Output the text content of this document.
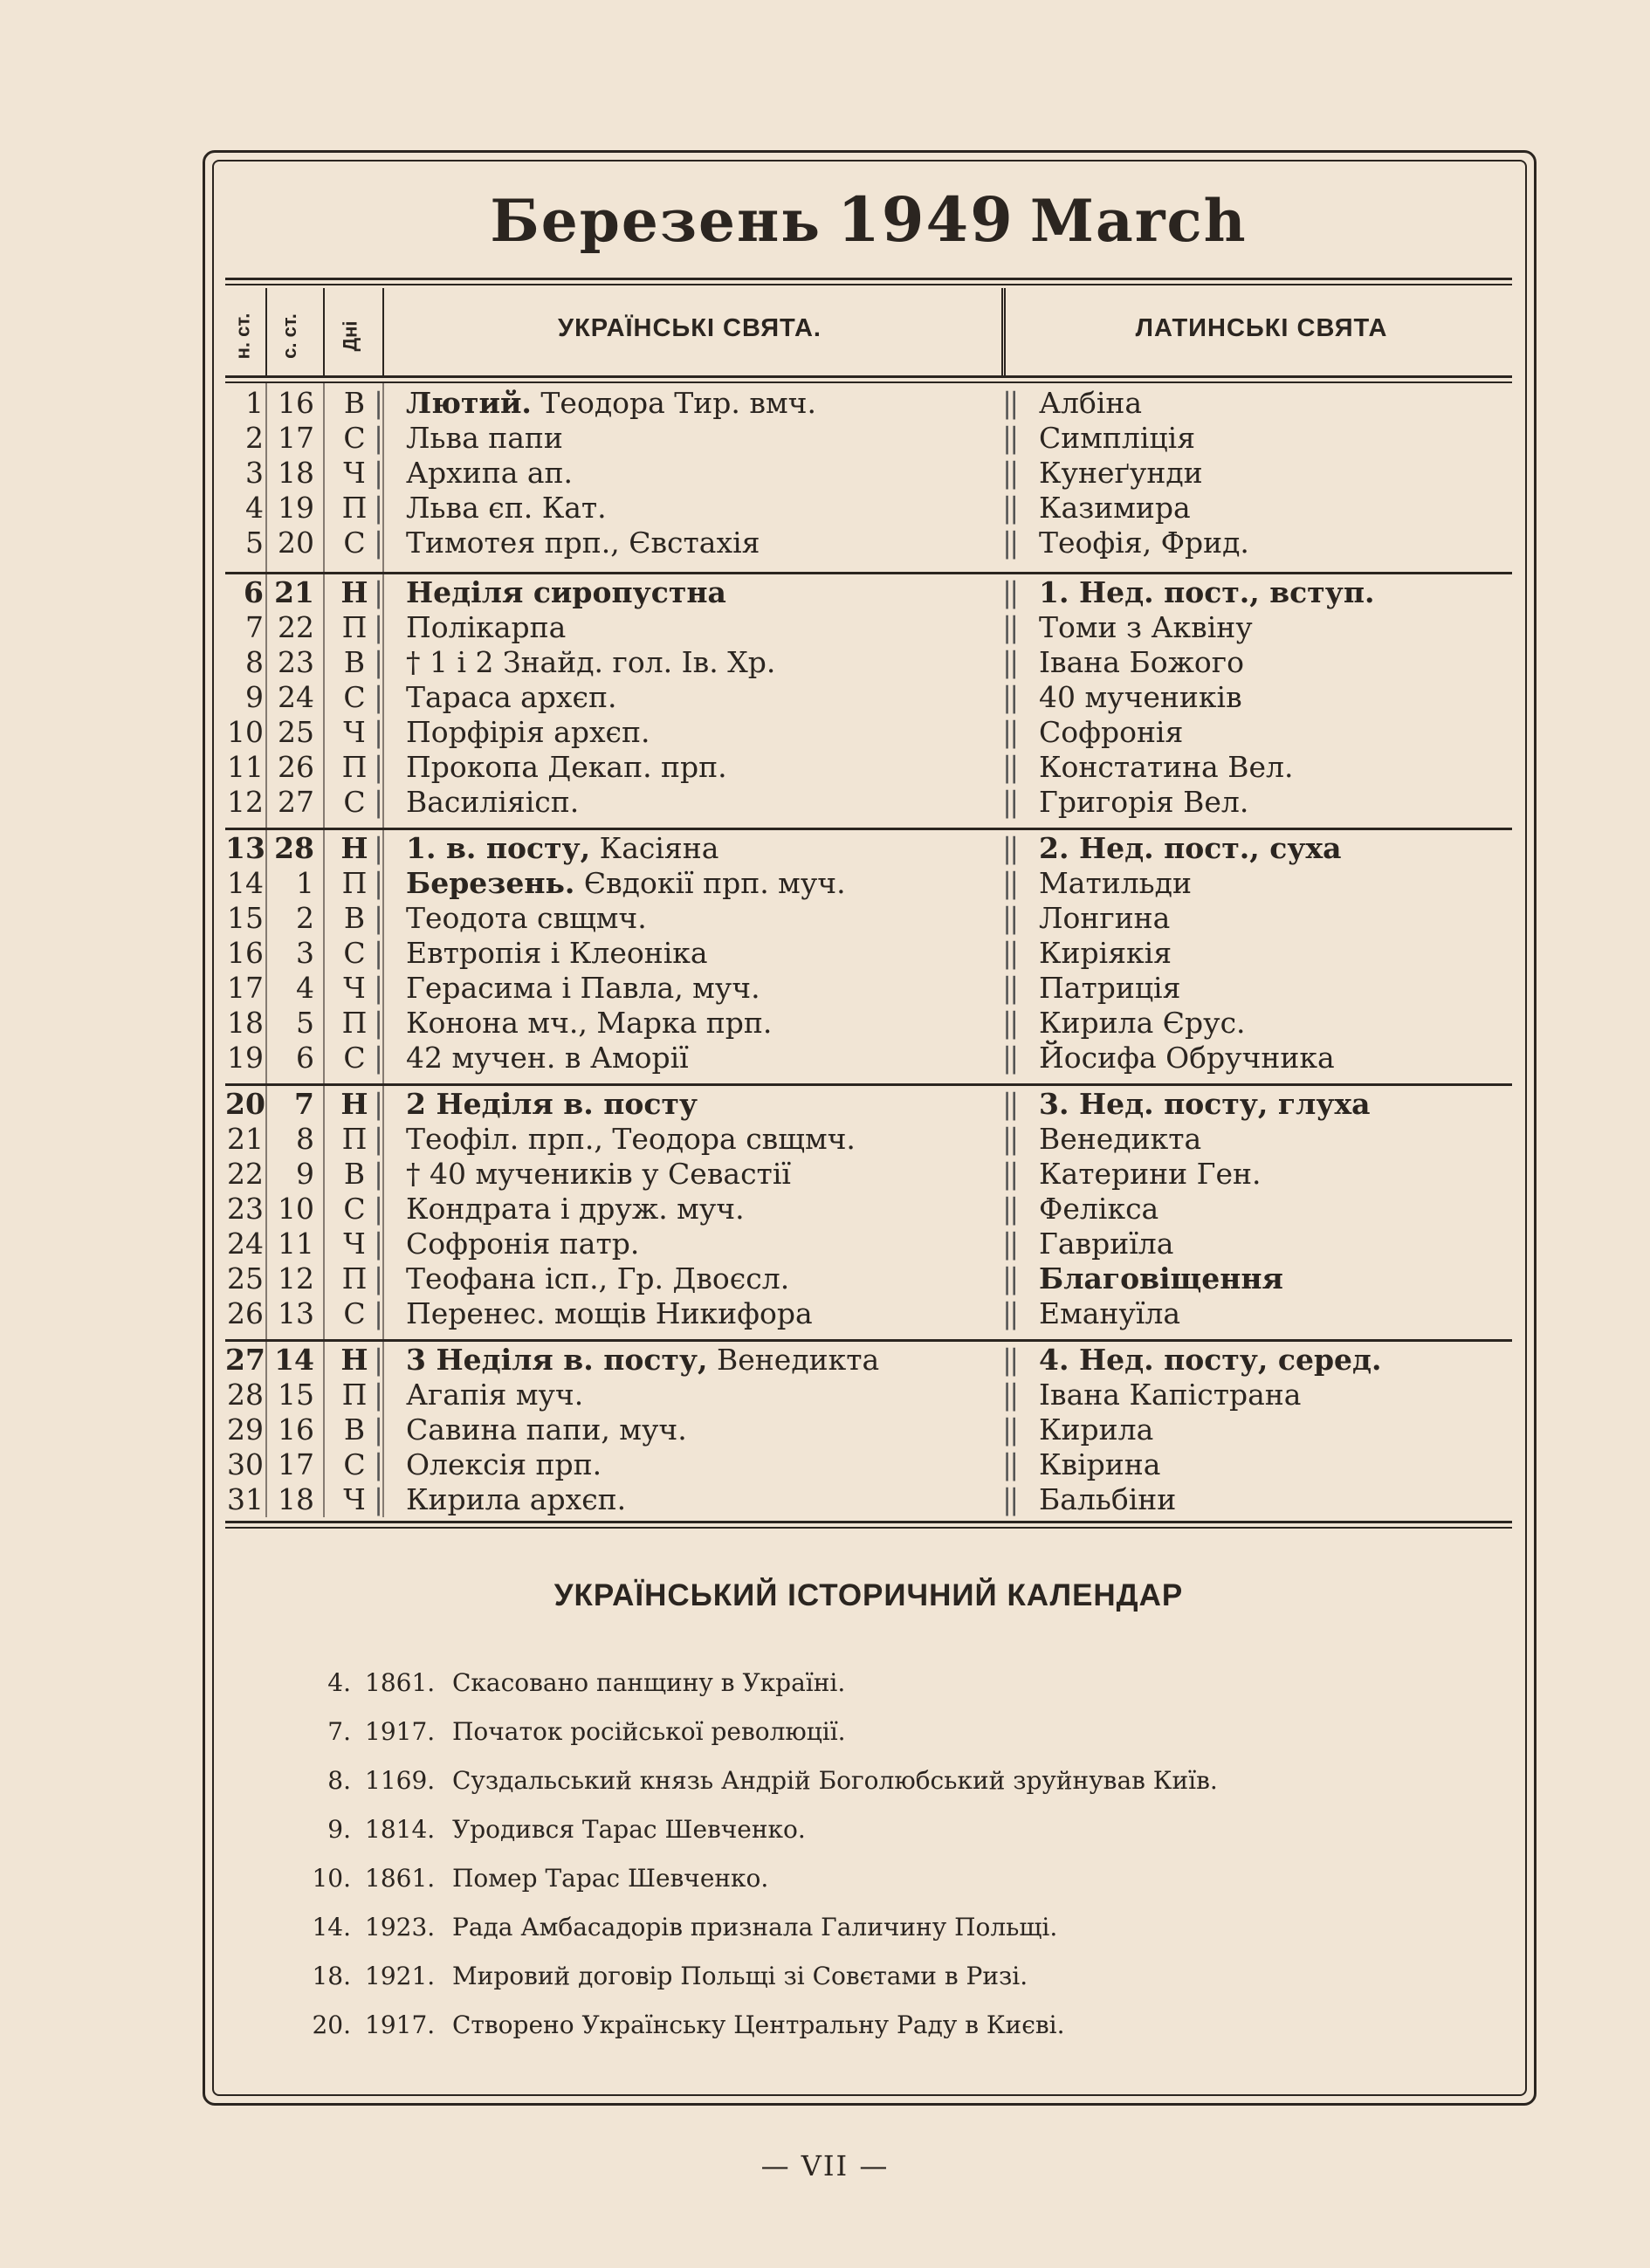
Березень 1949 March
н. ст. с. ст. Дні	УКРАЇНСЬКІ СВЯТА.	ЛАТИНСЬКІ СВЯТА
1 16 В | Лютий. Теодора Тир. вмч.	|| Албіна
2 17 С | Льва папи	|| Симпліція
3 18 Ч | Архипа ап.	|| Кунеґунди
4 19 П | Льва єп. Кат.	|| Казимира
5 20 С | Тимотея прп., Євстахія	|| Теофія, Фрид.
6 21 Н | Неділя сиропустна	|| 1. Нед. пост., вступ.
7 22 П | Полікарпа	|| Томи з Аквіну
8 23 В | † 1 і 2 Знайд. гол. Ів. Хр.	|| Івана Божого
9 24 С | Тараса архєп.	|| 40 мучеників
10 25 Ч | Порфірія архєп.	|| Софронія
11 26 П | Прокопа Декап. прп.	|| Констатина Вел.
12 27 С | Василіяісп.	|| Григорія Вел.
13 28 Н | 1. в. посту, Касіяна	|| 2. Нед. пост., суха
14	1 П | Березень. Євдокії прп. муч.	|| Матильди
15	2 В | Теодота свщмч.	|| Лонгина
16	3 С | Евтропія і Клеоніка	|| Киріякія
17	4 Ч | Герасима і Павла, муч.	|| Патриція
18	5 П | Конона мч., Марка прп.	|| Кирила Єрус.
19	6 С | 42 мучен. в Аморії	|| Йосифа Обручника
20	7 Н | 2 Неділя в. посту	|| 3. Нед. посту, глуха
21	8 П | Теофіл. прп., Теодора свщмч.	|| Венедикта
22	9 В | † 40 мучеників у Севастії	|| Катерини Ген.
23 10 С | Кондрата і друж. муч.	|| Фелікса
24 11 Ч | Софронія патр.	|| Гавриїла
25 12 П | Теофана ісп., Гр. Двоєсл.	|| Благовіщення
26 13 С | Перенес. мощів Никифора	|| Емануїла
27 14 Н | 3 Неділя в. посту, Венедикта	|| 4. Нед. посту, серед.
28 15 П | Агапія муч.	|| Івана Капістрана
29 16 В | Савина папи, муч.	|| Кирила
30 17 С | Олексія прп.	|| Квірина
31 18 Ч | Кирила архєп.	|| Бальбіни
УКРАЇНСЬКИЙ ІСТОРИЧНИЙ КАЛЕНДАР
4. 1861. Скасовано панщину в Україні.
7. 1917. Початок російської революції.
8. 1169. Суздальський князь Андрій Боголюбський зруйнував Київ.
9. 1814. Уродився Тарас Шевченко.
10. 1861. Помер Тарас Шевченко.
14. 1923. Рада Амбасадорів признала Галичину Польщі.
18. 1921. Мировий договір Польщі зі Совєтами в Ризі.
20. 1917. Створено Українську Центральну Раду в Києві.
— VII —
